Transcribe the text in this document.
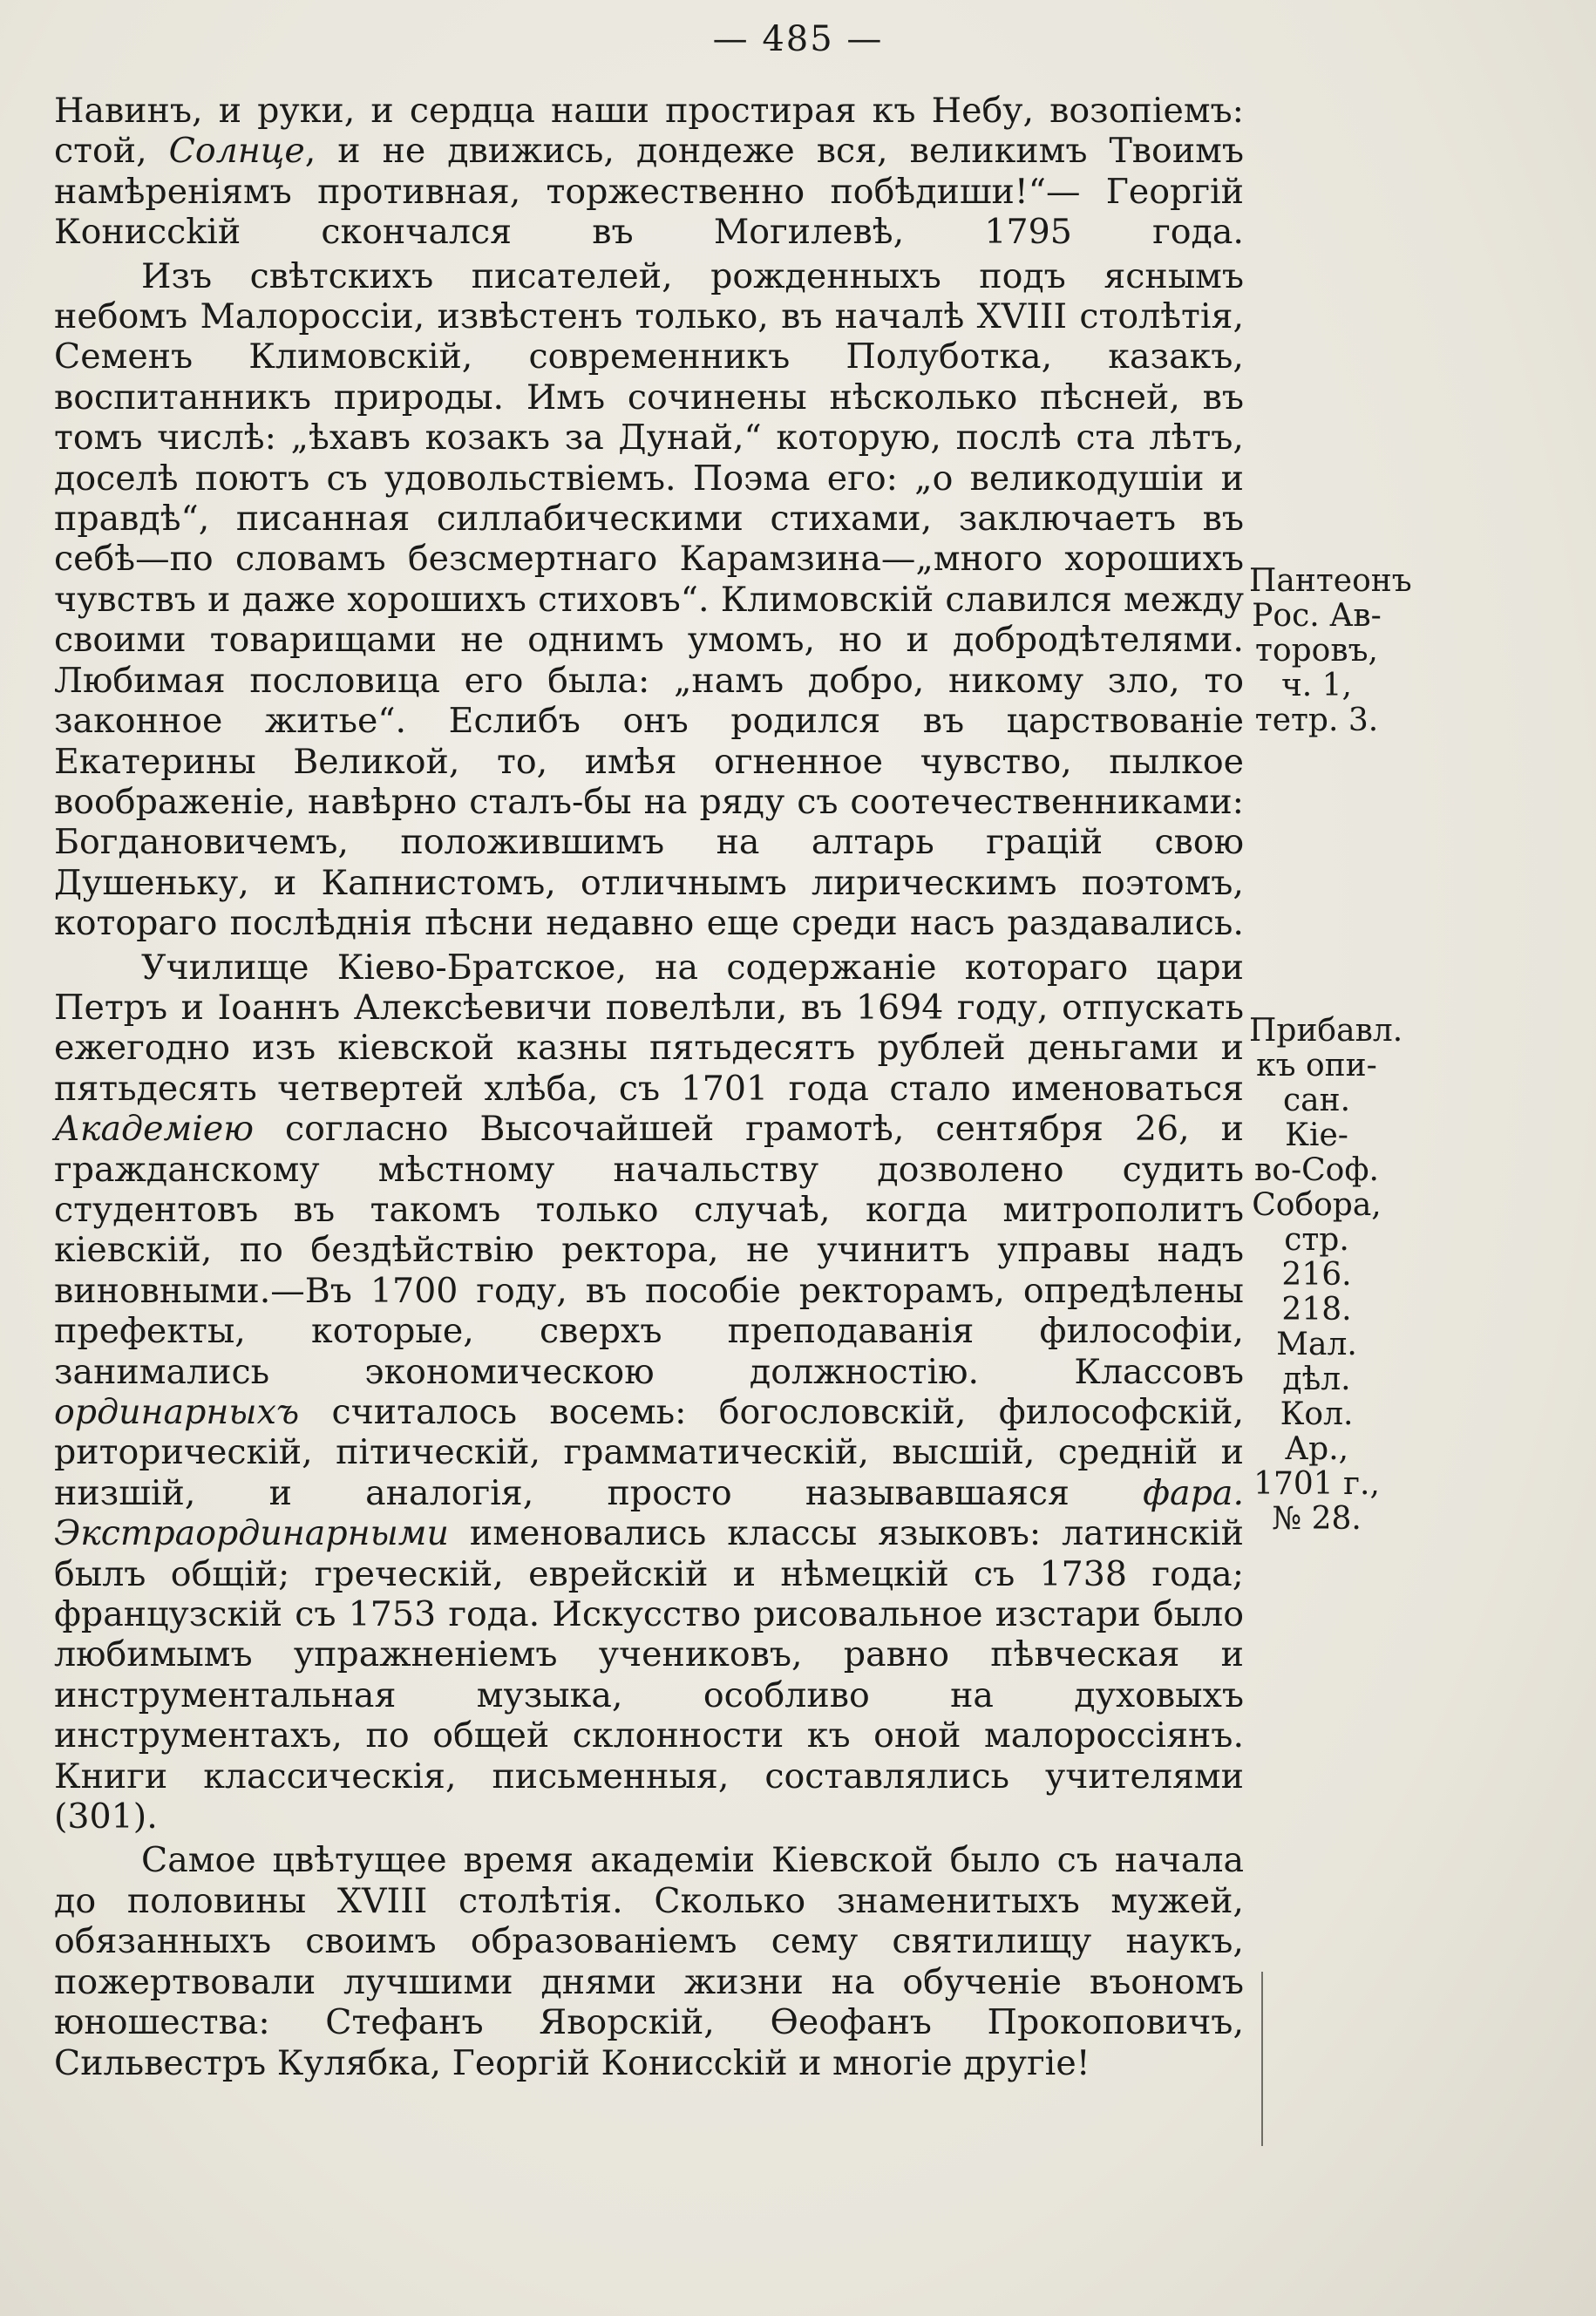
— 485 —

Навинъ, и руки, и сердца наши простирая къ Небу, возопіемъ: стой, Солнце, и не движись, дондеже вся, великимъ Твоимъ намѣреніямъ противная, торжественно побѣдиши!“— Георгій Кониссkій скончался въ Могилевѣ, 1795 года.

Изъ свѣтскихъ писателей, рожденныхъ подъ яснымъ небомъ Малороссіи, извѣстенъ только, въ началѣ XVIII столѣтія, Семенъ Климовскій, современникъ Полуботка, казакъ, воспитанникъ природы. Имъ сочинены нѣсколько пѣсней, въ томъ числѣ: „ѣхавъ козакъ за Дунай,“ которую, послѣ ста лѣтъ, доселѣ поютъ съ удовольствіемъ. Поэма его: „о великодушіи и правдѣ“, писанная силлабическими стихами, заключаетъ въ себѣ—по словамъ безсмертнаго Карамзина—„много хорошихъ чувствъ и даже хорошихъ стиховъ“. Климовскій славился между своими товарищами не однимъ умомъ, но и добродѣтелями. Любимая пословица его была: „намъ добро, никому зло, то законное житье“. Еслибъ онъ родился въ царствованіе Екатерины Великой, то, имѣя огненное чувство, пылкое воображеніе, навѣрно сталъ-бы на ряду съ соотечественниками: Богдановичемъ, положившимъ на алтарь грацій свою Душеньку, и Капнистомъ, отличнымъ лирическимъ поэтомъ, котораго послѣднія пѣсни недавно еще среди насъ раздавались.

Училище Кіево-Братское, на содержаніе котораго цари Петръ и Іоаннъ Алексѣевичи повелѣли, въ 1694 году, отпускать ежегодно изъ кіевской казны пятьдесятъ рублей деньгами и пятьдесять четвертей хлѣба, съ 1701 года стало именоваться Академіею согласно Высочайшей грамотѣ, сентября 26, и гражданскому мѣстному начальству дозволено судить студентовъ въ такомъ только случаѣ, когда митрополитъ кіевскій, по бездѣйствію ректора, не учинитъ управы надъ виновными.—Въ 1700 году, въ пособіе ректорамъ, опредѣлены префекты, которые, сверхъ преподаванія философіи, занимались экономическою должностію. Классовъ ординарныхъ считалось восемь: богословскій, философскій, риторическій, пітическій, грамматическій, высшій, средній и низшій, и аналогія, просто называвшаяся фара. Экстраординарными именовались классы языковъ: латинскій былъ общій; греческій, еврейскій и нѣмецкій съ 1738 года; французскій съ 1753 года. Искусство рисовальное изстари было любимымъ упражненіемъ учениковъ, равно пѣвческая и инструментальная музыка, особливо на духовыхъ инструментахъ, по общей склонности къ оной малороссіянъ. Книги классическія, письменныя, составлялись учителями (301).

Самое цвѣтущее время академіи Кіевской было съ начала до половины XVIII столѣтія. Сколько знаменитыхъ мужей, обязанныхъ своимъ образованіемъ сему святилищу наукъ, пожертвовали лучшими днями жизни на обученіе въономъ юношества: Стефанъ Яворскій, Ѳеофанъ Прокоповичъ, Сильвестръ Кулябка, Георгій Кониссkій и многіе другіе!

Пантеонъ
Рос. Ав-
торовъ,
ч. 1,
тетр. 3.
Прибавл.
къ опи-
сан. Кіе-
во-Соф.
Собора,
стр. 216.
218.
Мал. дѣл.
Кол. Ар.,
1701 г.,
№ 28.
